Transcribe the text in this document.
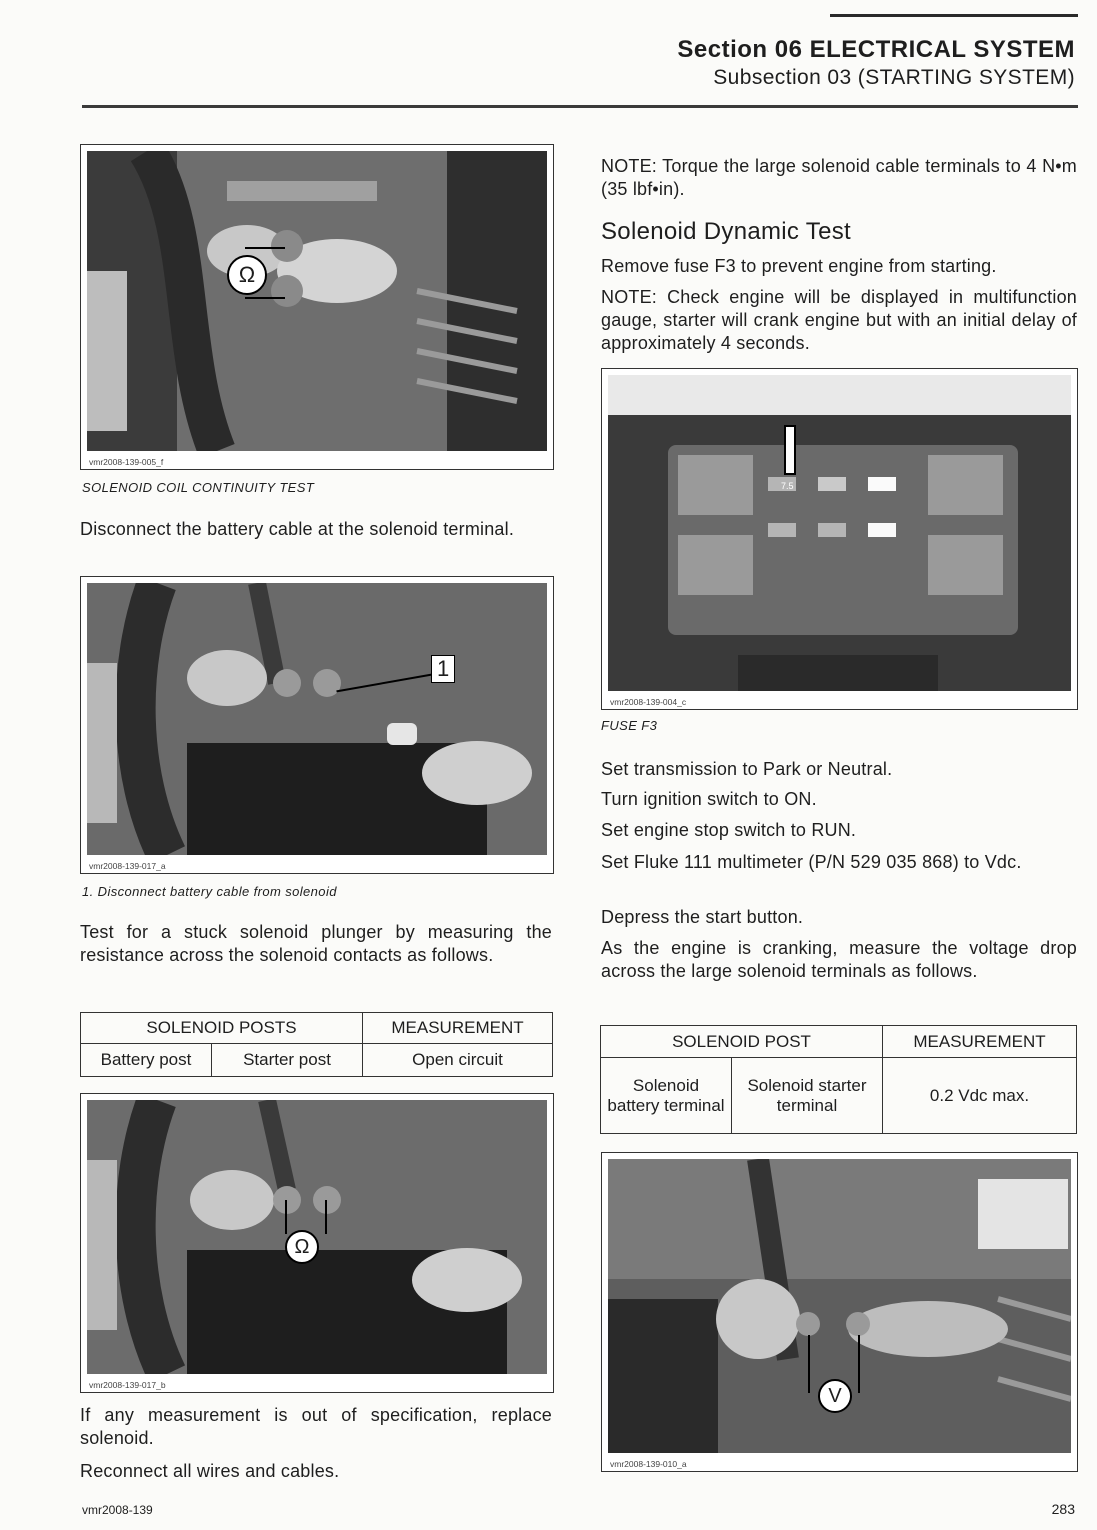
Section 06 ELECTRICAL SYSTEM
Subsection 03 (STARTING SYSTEM)
Ω
vmr2008-139-005_f
SOLENOID COIL CONTINUITY TEST
Disconnect the battery cable at the solenoid terminal.
1
vmr2008-139-017_a
1. Disconnect battery cable from solenoid
Test for a stuck solenoid plunger by measuring the resistance across the solenoid contacts as follows.
SOLENOID POSTS		MEASUREMENT
Battery post	Starter post	Open circuit
Ω
vmr2008-139-017_b
If any measurement is out of specification, replace solenoid.
Reconnect all wires and cables.
NOTE: Torque the large solenoid cable terminals to 4 N•m (35 lbf•in).
Solenoid Dynamic Test
Remove fuse F3 to prevent engine from starting.
NOTE: Check engine will be displayed in multifunction gauge, starter will crank engine but with an initial delay of approximately 4 seconds.
7.5
vmr2008-139-004_c
FUSE F3
Set transmission to Park or Neutral.
Turn ignition switch to ON.
Set engine stop switch to RUN.
Set Fluke 111 multimeter (P/N 529 035 868) to Vdc.
Depress the start button.
As the engine is cranking, measure the voltage drop across the large solenoid terminals as follows.
SOLENOID POST		MEASUREMENT
Solenoid battery terminal	Solenoid starter terminal	0.2 Vdc max.
V
vmr2008-139-010_a
vmr2008-139	283
